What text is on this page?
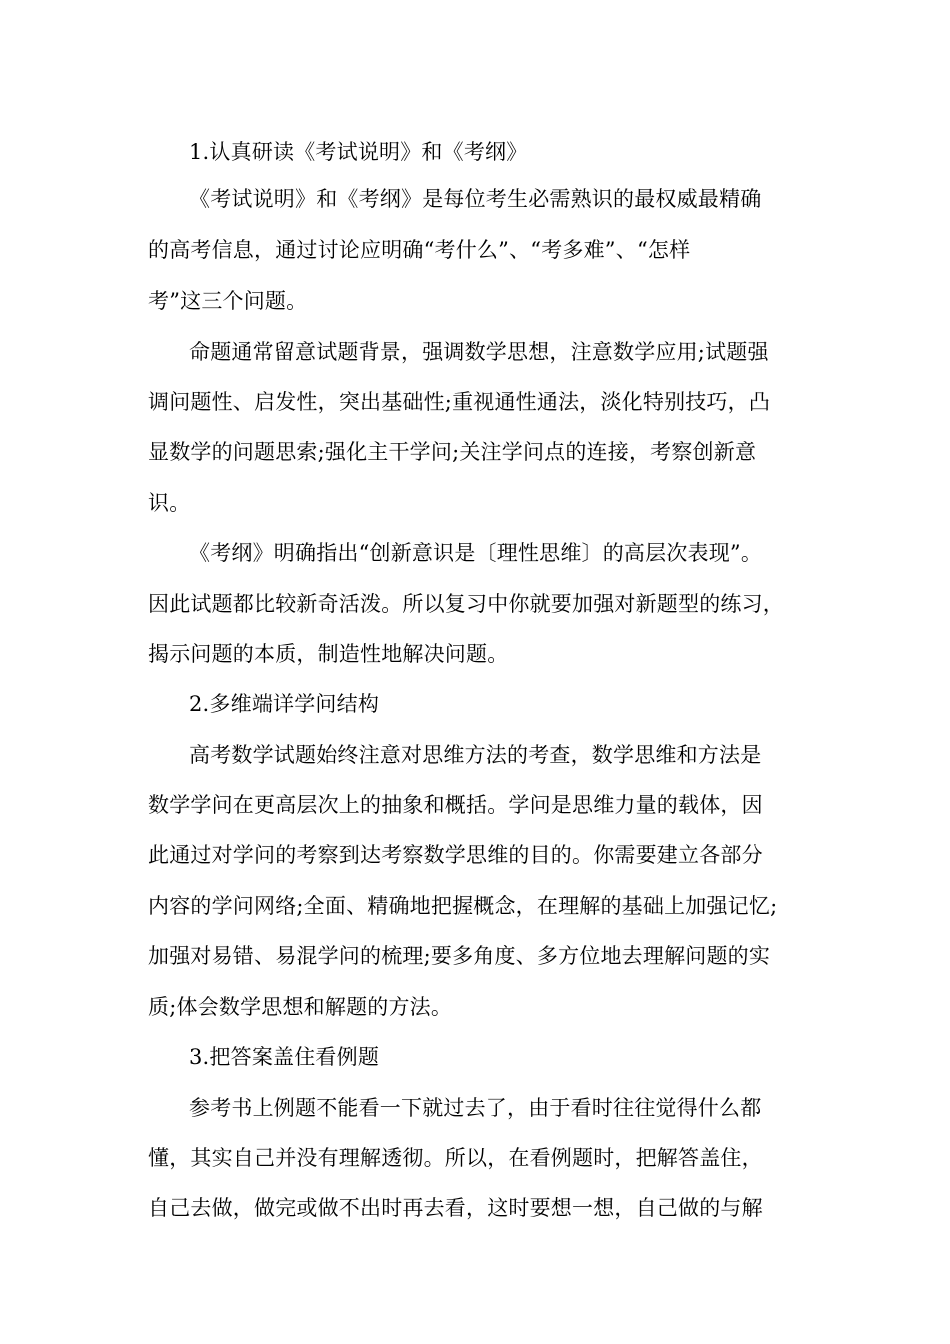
1.认真研读《考试说明》和《考纲》
《考试说明》和《考纲》是每位考生必需熟识的最权威最精确
的高考信息，通过讨论应明确“考什么”、“考多难”、“怎样
考”这三个问题。
命题通常留意试题背景，强调数学思想，注意数学应用;试题强
调问题性、启发性，突出基础性;重视通性通法，淡化特别技巧，凸
显数学的问题思索;强化主干学问;关注学问点的连接，考察创新意
识。
《考纲》明确指出“创新意识是〔理性思维〕的高层次表现”。
因此试题都比较新奇活泼。所以复习中你就要加强对新题型的练习，
揭示问题的本质，制造性地解决问题。
2.多维端详学问结构
高考数学试题始终注意对思维方法的考查，数学思维和方法是
数学学问在更高层次上的抽象和概括。学问是思维力量的载体，因
此通过对学问的考察到达考察数学思维的目的。你需要建立各部分
内容的学问网络;全面、精确地把握概念，在理解的基础上加强记忆;
加强对易错、易混学问的梳理;要多角度、多方位地去理解问题的实
质;体会数学思想和解题的方法。
3.把答案盖住看例题
参考书上例题不能看一下就过去了，由于看时往往觉得什么都
懂，其实自己并没有理解透彻。所以，在看例题时，把解答盖住，
自己去做，做完或做不出时再去看，这时要想一想，自己做的与解
